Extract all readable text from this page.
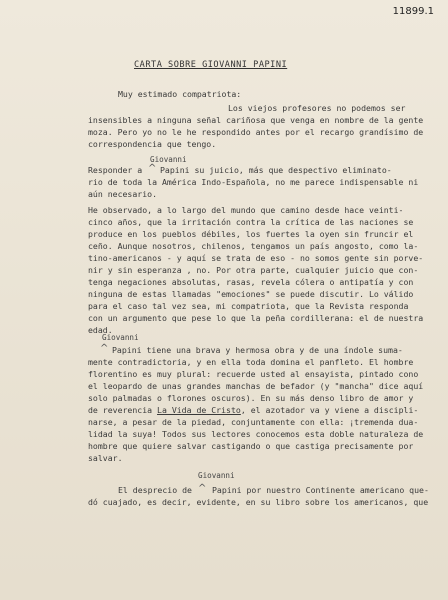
11899.1
CARTA SOBRE GIOVANNI PAPINI
Muy estimado compatriota:
Los viejos profesores no podemos ser
insensibles a ninguna señal cariñosa que venga en nombre de la gente
moza. Pero yo no le he respondido antes por el recargo grandísimo de
correspondencia que tengo.
Giovanni
Responder a ^ Papini su juicio, más que despectivo eliminato-
rio de toda la América Indo-Española, no me parece indispensable ni
aún necesario.
He observado, a lo largo del mundo que camino desde hace veinti-
cinco años, que la irritación contra la crítica de las naciones se
produce en los pueblos débiles, los fuertes la oyen sin fruncir el
ceño. Aunque nosotros, chilenos, tengamos un país angosto, como la-
tino-americanos - y aquí se trata de eso - no somos gente sin porve-
nir y sin esperanza , no. Por otra parte, cualquier juicio que con-
tenga negaciones absolutas, rasas, revela cólera o antipatía y con
ninguna de estas llamadas "emociones" se puede discutir. Lo válido
para el caso tal vez sea, mi compatriota, que la Revista responda
con un argumento que pese lo que la peña cordillerana: el de nuestra
edad.
Giovanni
^ Papini tiene una brava y hermosa obra y de una índole suma-
mente contradictoria, y en ella toda domina el panfleto. El hombre
florentino es muy plural: recuerde usted al ensayista, pintado cono
el leopardo de unas grandes manchas de befador (y "mancha" dice aquí
solo palmadas o florones oscuros). En su más denso libro de amor y
de reverencia La Vida de Cristo, el azotador va y viene a discipli-
narse, a pesar de la piedad, conjuntamente con ella: ¡tremenda dua-
lidad la suya! Todos sus lectores conocemos esta doble naturaleza de
hombre que quiere salvar castigando o que castiga precisamente por
salvar.
Giovanni
El desprecio de ^ Papini por nuestro Continente americano que-
dó cuajado, es decir, evidente, en su libro sobre los americanos, que
